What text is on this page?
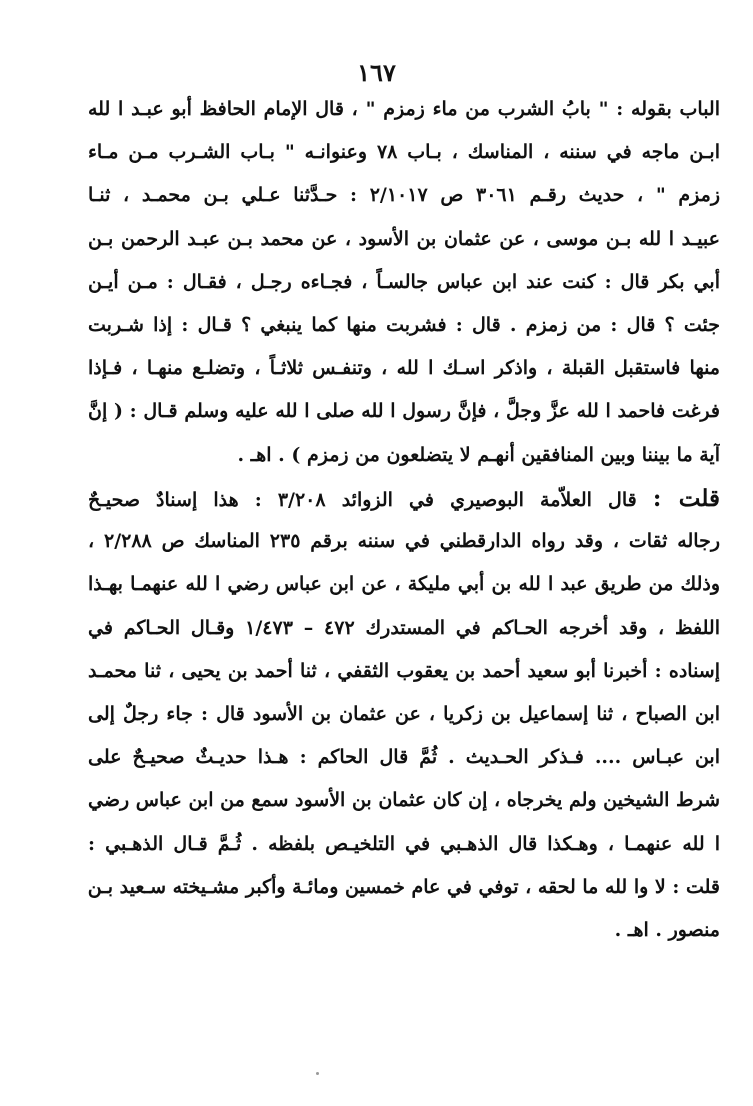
١٦٧
الباب بقوله : " بابُ الشرب من ماء زمزم " ، قال الإمام الحافظ أبو عبـد ا لله
ابـن ماجه في سننه ، المناسك ، بـاب ٧٨ وعنوانـه " بـاب الشـرب مـن مـاء
زمزم " ، حديث رقـم ٣٠٦١ ص ٢/١٠١٧ : حـدَّثنا عـلي بـن محمـد ، ثنـا
عبيـد ا لله بـن موسى ، عن عثمان بن الأسود ، عن محمد بـن عبـد الرحمن بـن
أبي بكر قال : كنت عند ابن عباس جالسـاً ، فجـاءه رجـل ، فقـال : مـن أيـن
جئت ؟ قال : من زمزم . قال : فشربت منها كما ينبغي ؟ قـال : إذا شـربت
منها فاستقبل القبلة ، واذكر اسـك ا لله ، وتنفـس ثلاثـاً ، وتضلـع منهـا ، فـإذا
فرغت فاحمد ا لله عزَّ وجلَّ ، فإنَّ رسول ا لله صلى ا لله عليه وسلم قـال : ( إنَّ
آية ما بيننا وبين المنافقين أنهـم لا يتضلعون من زمزم ) . اهـ .
قلت : قال العلاّمة البوصيري في الزوائد ٣/٢٠٨ : هذا إسنادٌ صحيـحٌ
رجاله ثقات ، وقد رواه الدارقطني في سننه برقم ٢٣٥ المناسك ص ٢/٢٨٨ ،
وذلك من طريق عبد ا لله بن أبي مليكة ، عن ابن عباس رضي ا لله عنهمـا بهـذا
اللفظ ، وقد أخرجه الحـاكم في المستدرك ٤٧٢ – ١/٤٧٣ وقـال الحـاكم في
إسناده : أخبرنا أبو سعيد أحمد بن يعقوب الثقفي ، ثنا أحمد بن يحيى ، ثنا محمـد
ابن الصباح ، ثنا إسماعيل بن زكريا ، عن عثمان بن الأسود قال : جاء رجلٌ إلى
ابن عبـاس .... فـذكر الحـديث . ثُمَّ قال الحاكم : هـذا حديـثٌ صحيـحٌ على
شرط الشيخين ولم يخرجاه ، إن كان عثمان بن الأسود سمع من ابن عباس رضي
ا لله عنهمـا ، وهـكذا قال الذهـبي في التلخيـص بلفظه . ثُـمَّ قـال الذهـبي :
قلت : لا وا لله ما لحقه ، توفي في عام خمسين ومائـة وأكبر مشـيخته سـعيد بـن
منصور . اهـ .
